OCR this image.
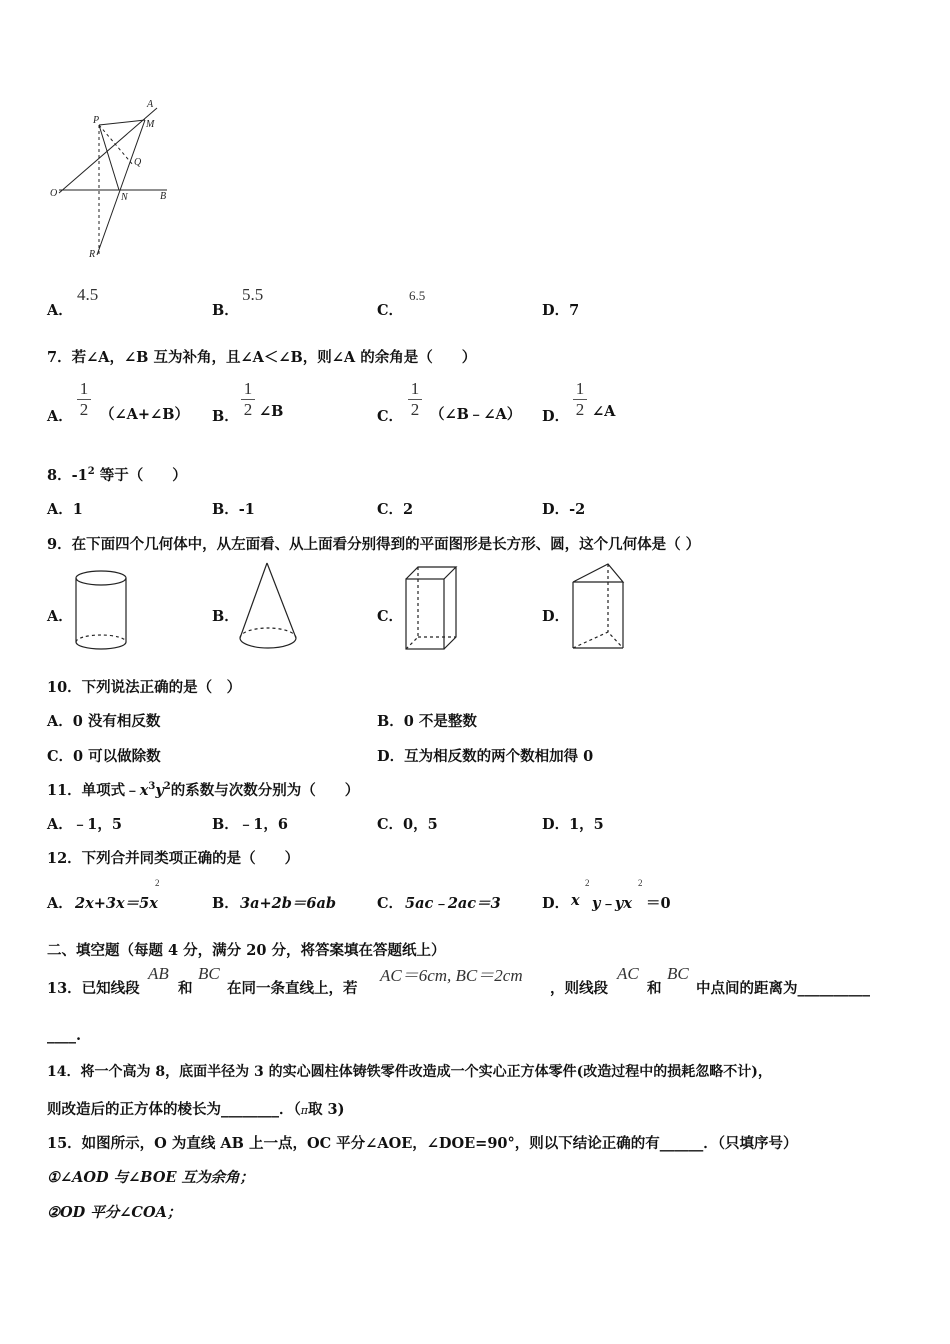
P
A
M
Q
O	N	B
R
A．
4.5
B．
5.5
C．
6.5
D．7
7．若∠A，∠B 互为补角，且∠A＜∠B，则∠A 的余角是（　　）
A．
1
2 （∠A+∠B） B．
1
2 ∠B	C．
1
2 （∠B﹣∠A） D．
1
2 ∠A
8．$-1^2$ 等于（　　）
A．1	B．-1	C．2	D．-2
9．在下面四个几何体中，从左面看、从上面看分别得到的平面图形是长方形、圆，这个几何体是（ ）
A．	B．	C．	D．
10．下列说法正确的是（　）
A．0 没有相反数	B．0 不是整数
C．0 可以做除数	D．互为相反数的两个数相加得 0
11．单项式$﹣x^3y^2$的系数与次数分别为（　　）
A．﹣1，5	B．﹣1，6	C．0，5	D．1，5
12．下列合并同类项正确的是（　　）
A． 2x+3x＝5x
2
B． 3a+2b＝6ab	C． 5ac﹣2ac＝3	D． x
2
y﹣yx
2
＝0
二、填空题（每题 4 分，满分 20 分，将答案填在答题纸上）
13．已知线段
AB
和
BC
在同一条直线上，若
AC＝6cm, BC＝2cm
，则线段
AC
和
BC
中点间的距离为__________
____.
14．将一个高为 8，底面半径为 3 的实心圆柱体铸铁零件改造成一个实心正方体零件(改造过程中的损耗忽略不计)，
则改造后的正方体的棱长为________．（π取 3)
15．如图所示，O 为直线 AB 上一点，OC 平分∠AOE，∠DOE=90°，则以下结论正确的有______．（只填序号）
①∠AOD 与∠BOE 互为余角；
②OD 平分∠COA；
